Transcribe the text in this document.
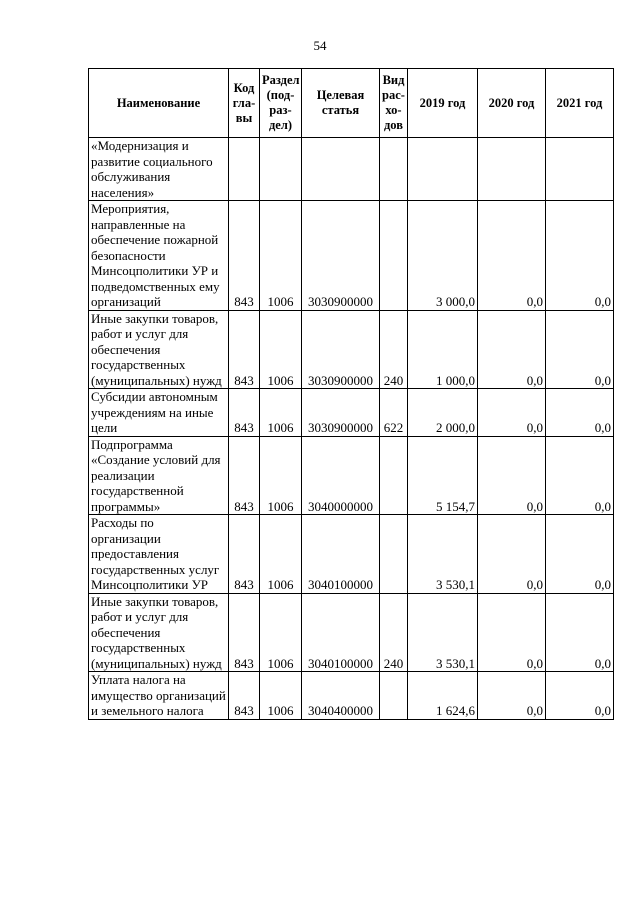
54
Наименование	Код гла-вы	Раздел (под-раз-дел)	Целевая статья	Вид рас-хо-дов	2019 год	2020 год	2021 год
«Модернизация и развитие социального обслуживания населения»							
Мероприятия, направленные на обеспечение пожарной безопасности Минсоцполитики УР и подведомственных ему организаций	843	1006	3030900000		3 000,0	0,0	0,0
Иные закупки товаров, работ и услуг для обеспечения государственных (муниципальных) нужд	843	1006	3030900000	240	1 000,0	0,0	0,0
Субсидии автономным учреждениям на иные цели	843	1006	3030900000	622	2 000,0	0,0	0,0
Подпрограмма «Создание условий для реализации государственной программы»	843	1006	3040000000		5 154,7	0,0	0,0
Расходы по организации предоставления государственных услуг Минсоцполитики УР	843	1006	3040100000		3 530,1	0,0	0,0
Иные закупки товаров, работ и услуг для обеспечения государственных (муниципальных) нужд	843	1006	3040100000	240	3 530,1	0,0	0,0
Уплата налога на имущество организаций и земельного налога	843	1006	3040400000		1 624,6	0,0	0,0
